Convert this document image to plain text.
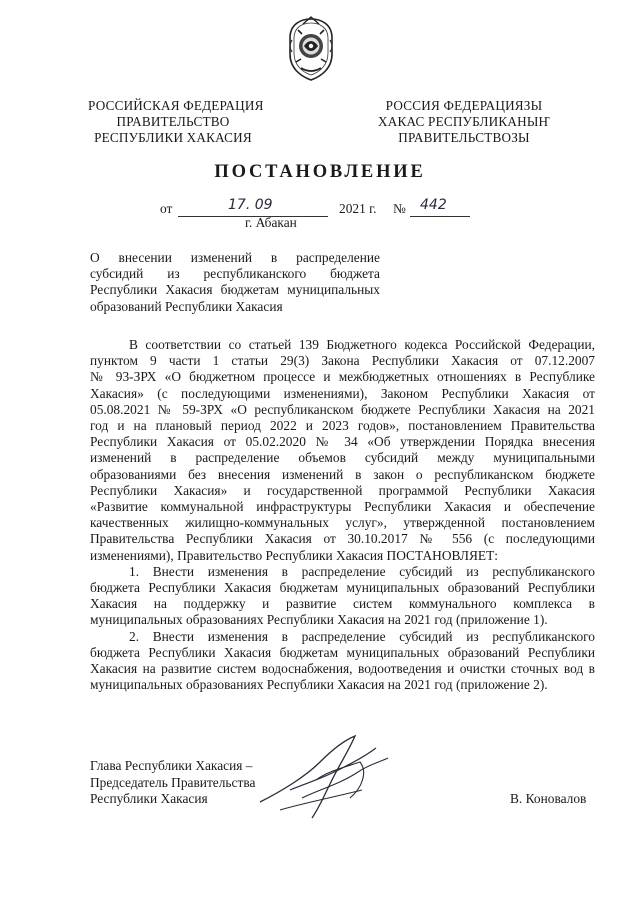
РОССИЙСКАЯ ФЕДЕРАЦИЯ
ПРАВИТЕЛЬСТВО
РЕСПУБЛИКИ ХАКАСИЯ
РОССИЯ ФЕДЕРАЦИЯЗЫ
ХАКАС РЕСПУБЛИКАНЫҤ
ПРАВИТЕЛЬСТВОЗЫ
ПОСТАНОВЛЕНИЕ
от	17. 09	2021 г. № 442
г. Абакан
О внесении изменений в распределение
субсидий из республиканского бюджета
Республики Хакасия бюджетам муниципальных
образований Республики Хакасия
В соответствии со статьей 139 Бюджетного кодекса Российской Федерации,
пунктом 9 части 1 статьи 29(3) Закона Республики Хакасия от 07.12.2007
№ 93-ЗРХ «О бюджетном процессе и межбюджетных отношениях в Республике
Хакасия» (с последующими изменениями), Законом Республики Хакасия от
05.08.2021 № 59-ЗРХ «О республиканском бюджете Республики Хакасия на 2021
год и на плановый период 2022 и 2023 годов», постановлением Правительства
Республики Хакасия от 05.02.2020 № 34 «Об утверждении Порядка внесения
изменений в распределение объемов субсидий между муниципальными
образованиями без внесения изменений в закон о республиканском бюджете
Республики Хакасия» и государственной программой Республики Хакасия
«Развитие коммунальной инфраструктуры Республики Хакасия и обеспечение
качественных жилищно-коммунальных услуг», утвержденной постановлением
Правительства Республики Хакасия от 30.10.2017 № 556 (с последующими
изменениями), Правительство Республики Хакасия ПОСТАНОВЛЯЕТ:
1. Внести изменения в распределение субсидий из республиканского
бюджета Республики Хакасия бюджетам муниципальных образований Республики
Хакасия на поддержку и развитие систем коммунального комплекса в
муниципальных образованиях Республики Хакасия на 2021 год (приложение 1).
2. Внести изменения в распределение субсидий из республиканского
бюджета Республики Хакасия бюджетам муниципальных образований Республики
Хакасия на развитие систем водоснабжения, водоотведения и очистки сточных вод в
муниципальных образованиях Республики Хакасия на 2021 год (приложение 2).
Глава Республики Хакасия –
Председатель Правительства
Республики Хакасия	В. Коновалов
